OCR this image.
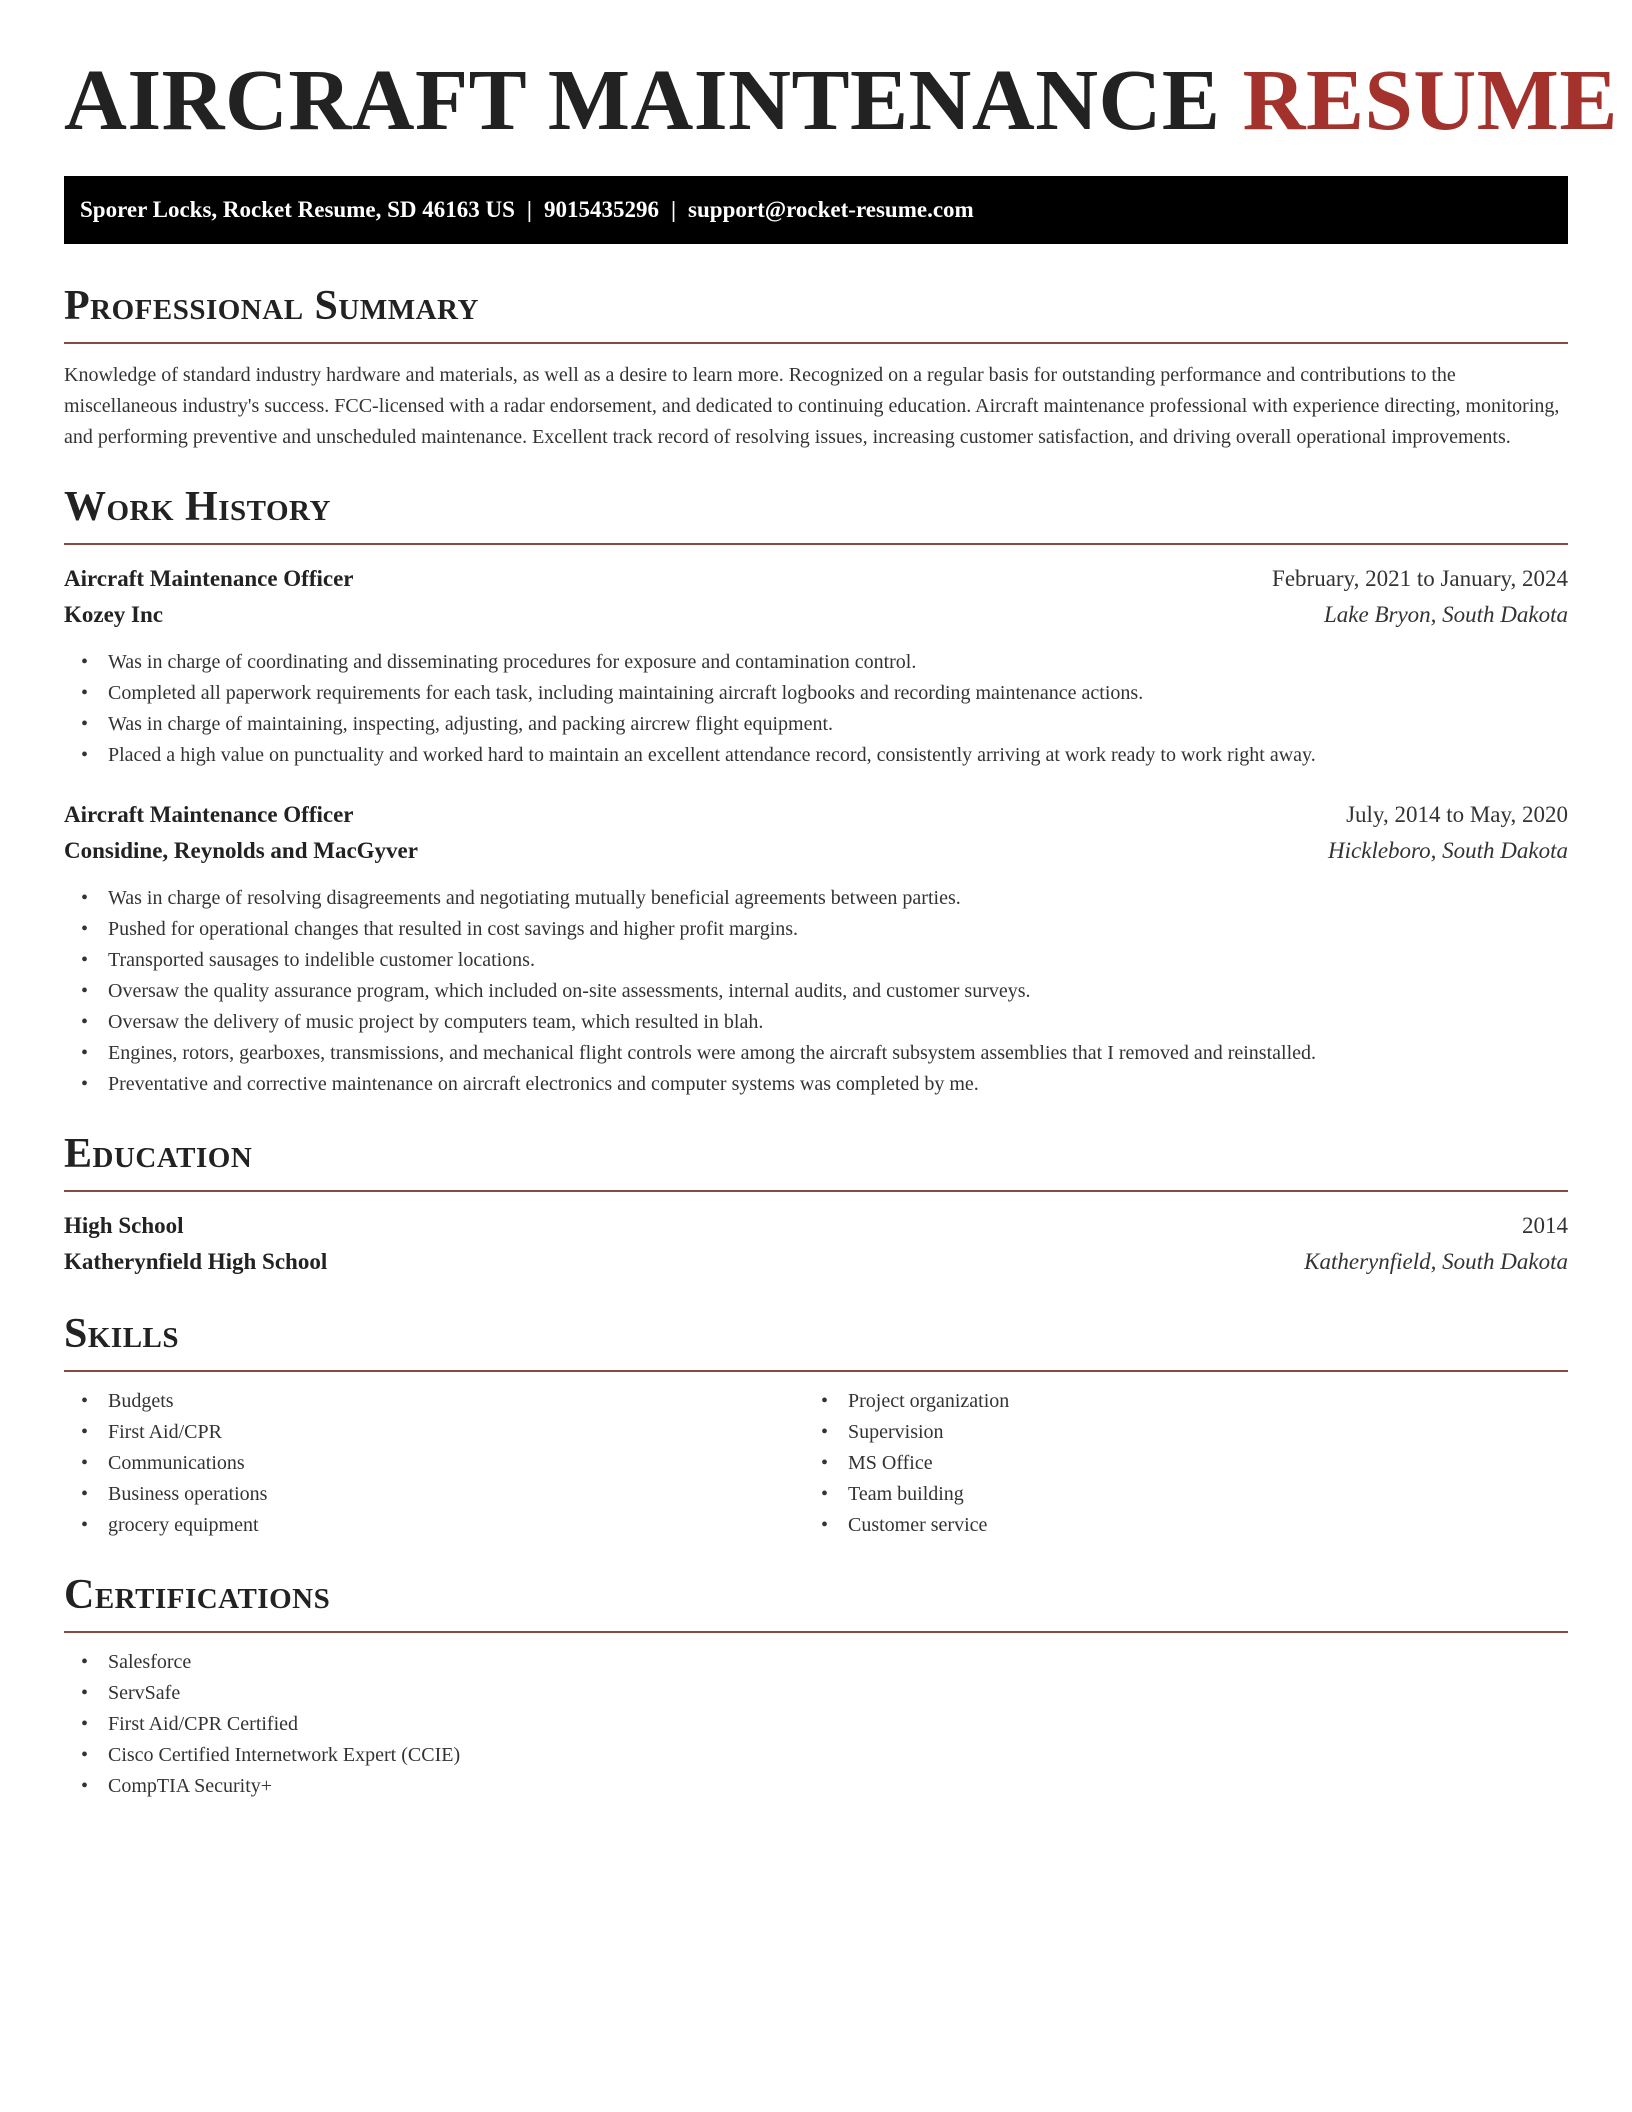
AIRCRAFT MAINTENANCE RESUME
Sporer Locks, Rocket Resume, SD 46163 US | 9015435296 | support@rocket-resume.com
Professional Summary

Knowledge of standard industry hardware and materials, as well as a desire to learn more. Recognized on a regular basis for outstanding performance and contributions to the miscellaneous industry's success. FCC-licensed with a radar endorsement, and dedicated to continuing education. Aircraft maintenance professional with experience directing, monitoring, and performing preventive and unscheduled maintenance. Excellent track record of resolving issues, increasing customer satisfaction, and driving overall operational improvements.

Work History
Aircraft Maintenance Officer	February, 2021 to January, 2024
Kozey Inc	Lake Bryon, South Dakota
• Was in charge of coordinating and disseminating procedures for exposure and contamination control.
• Completed all paperwork requirements for each task, including maintaining aircraft logbooks and recording maintenance actions.
• Was in charge of maintaining, inspecting, adjusting, and packing aircrew flight equipment.
• Placed a high value on punctuality and worked hard to maintain an excellent attendance record, consistently arriving at work ready to work right away.
Aircraft Maintenance Officer	July, 2014 to May, 2020
Considine, Reynolds and MacGyver	Hickleboro, South Dakota
• Was in charge of resolving disagreements and negotiating mutually beneficial agreements between parties.
• Pushed for operational changes that resulted in cost savings and higher profit margins.
• Transported sausages to indelible customer locations.
• Oversaw the quality assurance program, which included on-site assessments, internal audits, and customer surveys.
• Oversaw the delivery of music project by computers team, which resulted in blah.
• Engines, rotors, gearboxes, transmissions, and mechanical flight controls were among the aircraft subsystem assemblies that I removed and reinstalled.
• Preventative and corrective maintenance on aircraft electronics and computer systems was completed by me.
Education
High School	2014
Katherynfield High School	Katherynfield, South Dakota
Skills
• Budgets
• First Aid/CPR
• Communications
• Business operations
• grocery equipment
• Project organization
• Supervision
• MS Office
• Team building
• Customer service
Certifications
• Salesforce
• ServSafe
• First Aid/CPR Certified
• Cisco Certified Internetwork Expert (CCIE)
• CompTIA Security+
